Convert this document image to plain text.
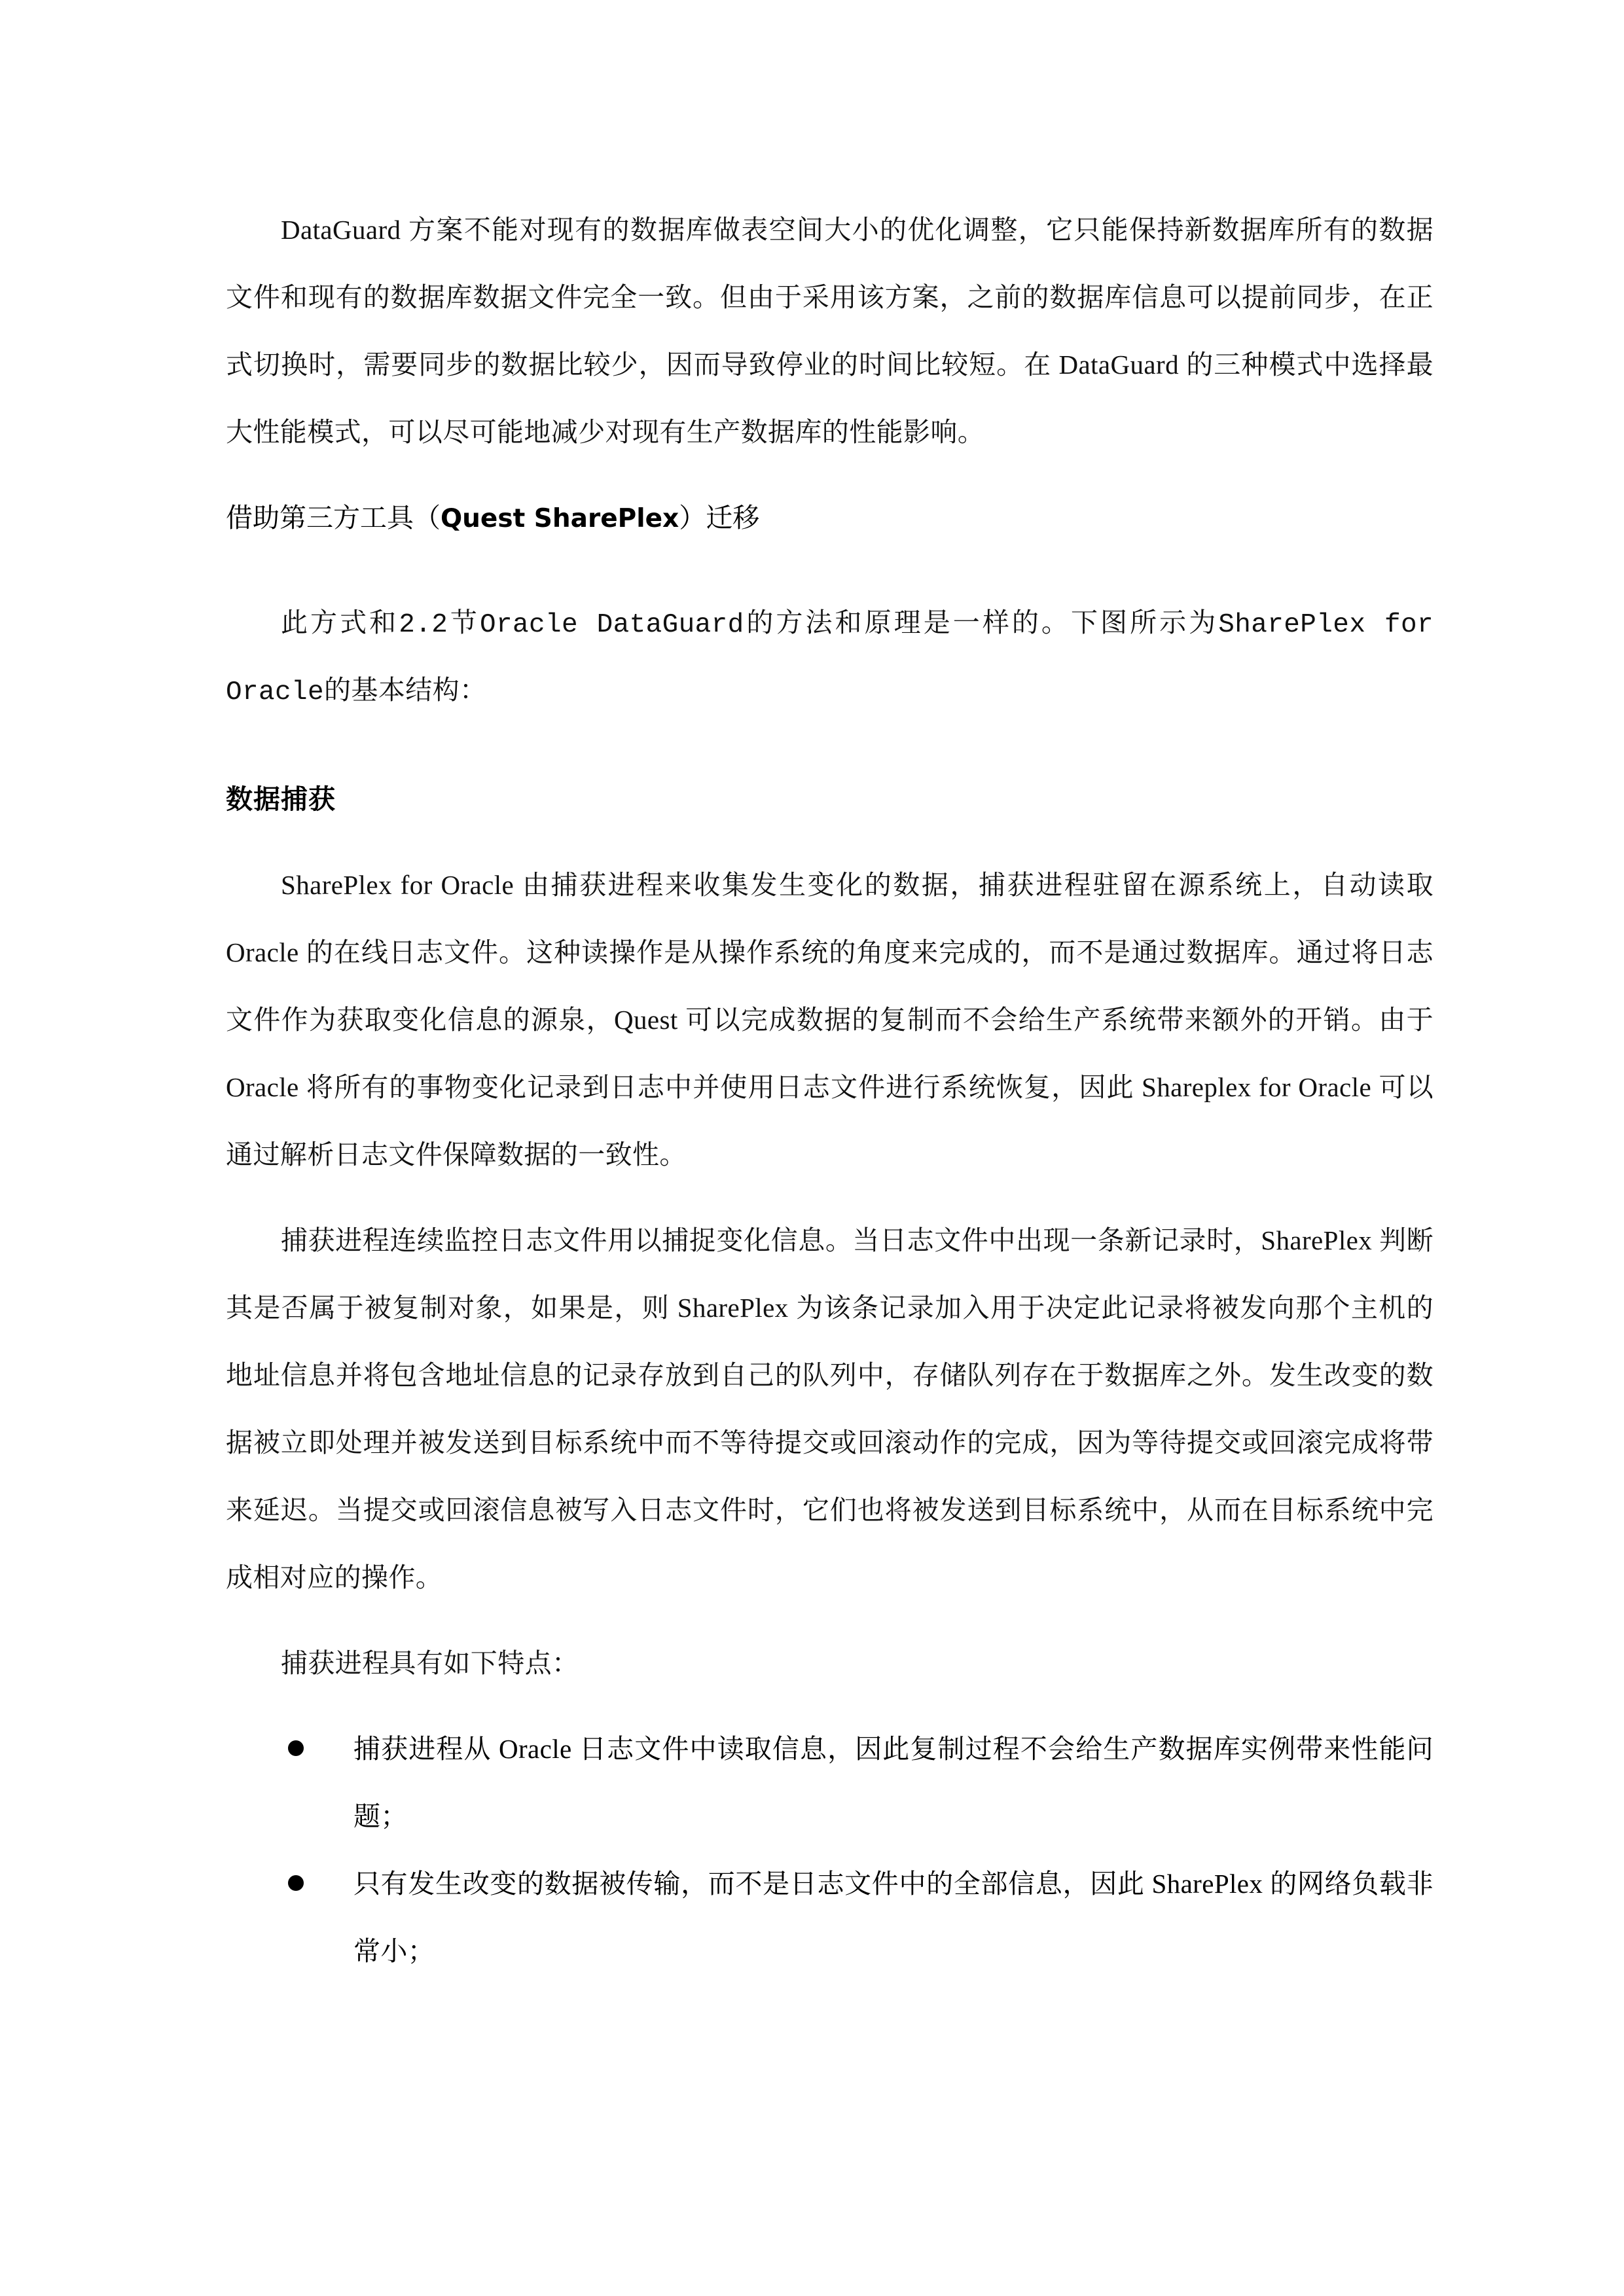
DataGuard 方案不能对现有的数据库做表空间大小的优化调整，它只能保持新数据库所有的数据文件和现有的数据库数据文件完全一致。但由于采用该方案，之前的数据库信息可以提前同步，在正式切换时，需要同步的数据比较少，因而导致停业的时间比较短。在 DataGuard 的三种模式中选择最大性能模式，可以尽可能地减少对现有生产数据库的性能影响。

借助第三方工具（Quest SharePlex）迁移

此方式和2.2节Oracle DataGuard的方法和原理是一样的。下图所示为SharePlex for Oracle的基本结构：

数据捕获

SharePlex for Oracle 由捕获进程来收集发生变化的数据，捕获进程驻留在源系统上，自动读取 Oracle 的在线日志文件。这种读操作是从操作系统的角度来完成的，而不是通过数据库。通过将日志文件作为获取变化信息的源泉，Quest 可以完成数据的复制而不会给生产系统带来额外的开销。由于 Oracle 将所有的事物变化记录到日志中并使用日志文件进行系统恢复，因此 Shareplex for Oracle 可以通过解析日志文件保障数据的一致性。

捕获进程连续监控日志文件用以捕捉变化信息。当日志文件中出现一条新记录时，SharePlex 判断其是否属于被复制对象，如果是，则 SharePlex 为该条记录加入用于决定此记录将被发向那个主机的地址信息并将包含地址信息的记录存放到自己的队列中，存储队列存在于数据库之外。发生改变的数据被立即处理并被发送到目标系统中而不等待提交或回滚动作的完成，因为等待提交或回滚完成将带来延迟。当提交或回滚信息被写入日志文件时，它们也将被发送到目标系统中，从而在目标系统中完成相对应的操作。

捕获进程具有如下特点：

捕获进程从 Oracle 日志文件中读取信息，因此复制过程不会给生产数据库实例带来性能问题；
只有发生改变的数据被传输，而不是日志文件中的全部信息，因此 SharePlex 的网络负载非常小；
